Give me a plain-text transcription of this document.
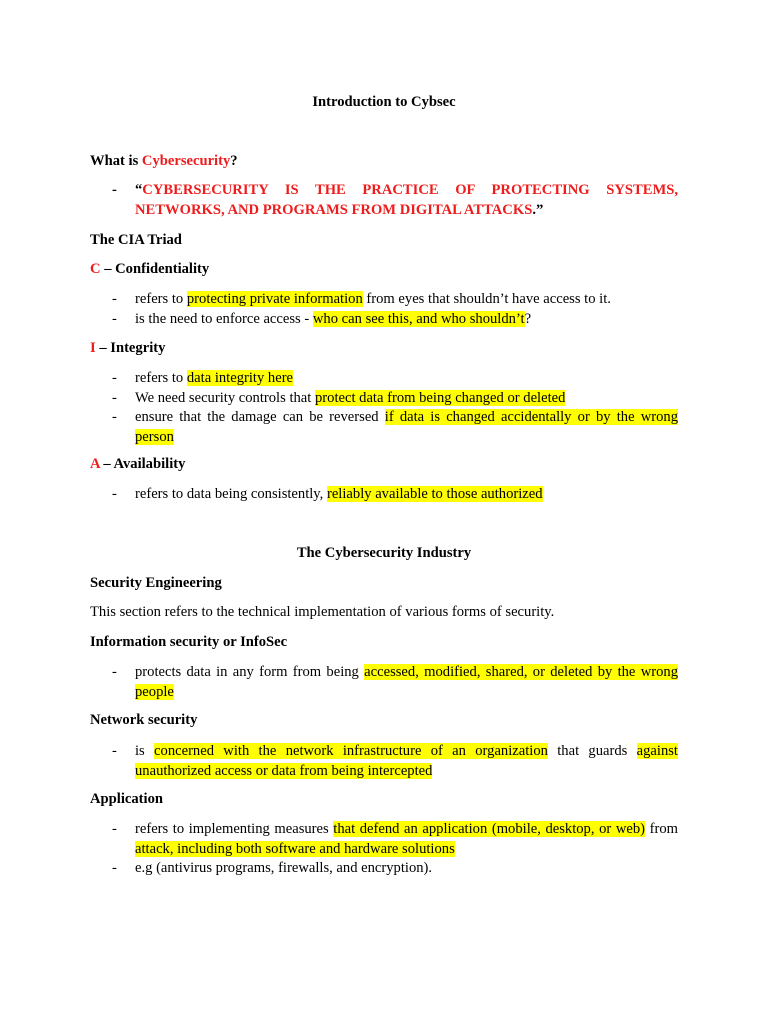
Introduction to Cybsec
What is Cybersecurity?
- “CYBERSECURITY IS THE PRACTICE OF PROTECTING SYSTEMS, NETWORKS, AND PROGRAMS FROM DIGITAL ATTACKS.”
The CIA Triad
C – Confidentiality
- refers to protecting private information from eyes that shouldn’t have access to it.
- is the need to enforce access - who can see this, and who shouldn’t?
I – Integrity
- refers to data integrity here
- We need security controls that protect data from being changed or deleted
- ensure that the damage can be reversed if data is changed accidentally or by the wrong person
A – Availability
- refers to data being consistently, reliably available to those authorized
The Cybersecurity Industry
Security Engineering
This section refers to the technical implementation of various forms of security.
Information security or InfoSec
- protects data in any form from being accessed, modified, shared, or deleted by the wrong people
Network security
- is concerned with the network infrastructure of an organization that guards against unauthorized access or data from being intercepted
Application
- refers to implementing measures that defend an application (mobile, desktop, or web) from attack, including both software and hardware solutions
- e.g (antivirus programs, firewalls, and encryption).
